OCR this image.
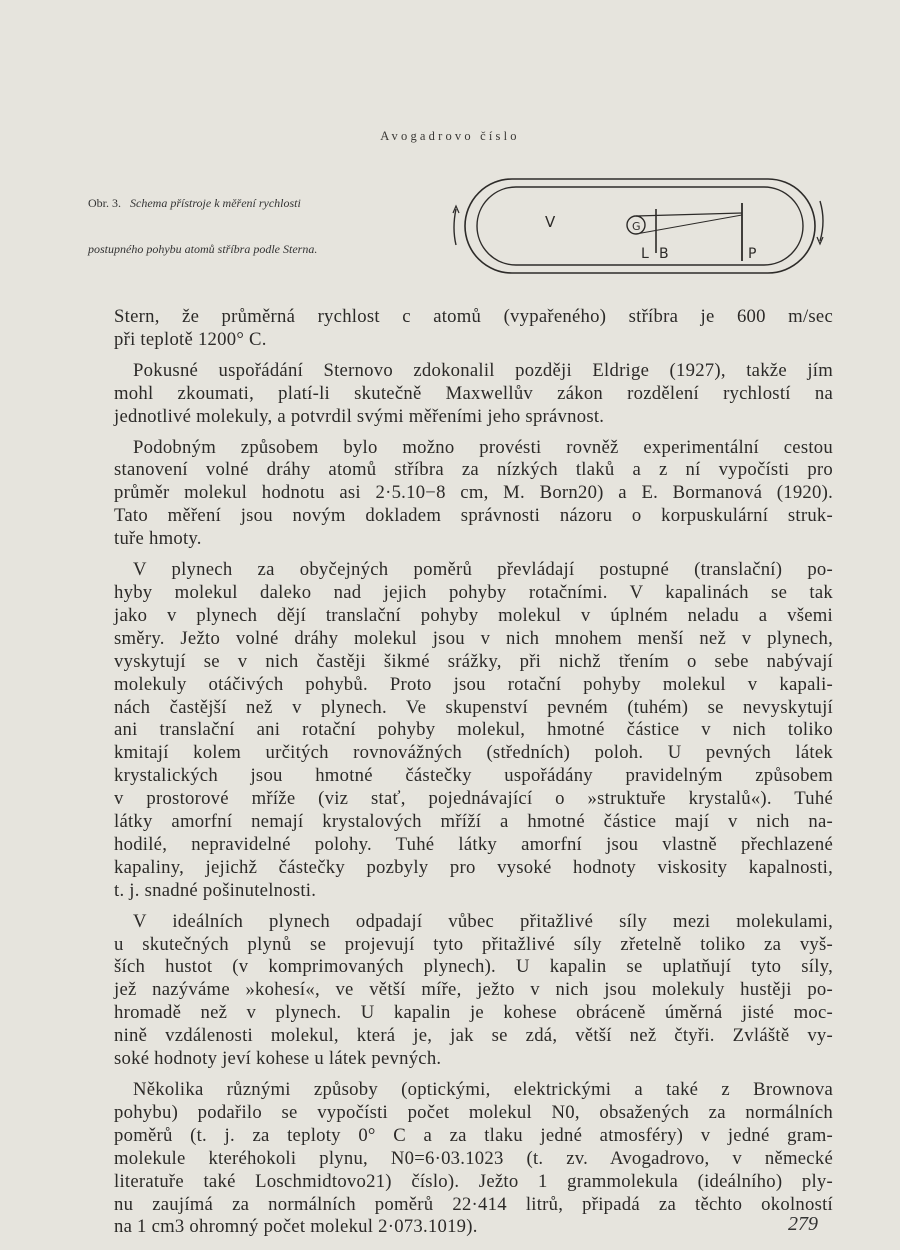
Avogadrovo číslo
Obr. 3. Schema přístroje k měření rychlosti
postupného pohybu atomů stříbra podle Sterna.
V	G
L B	P

Stern, že průměrná rychlost c atomů (vypařeného) stříbra je 600 m/sec
při teplotě 1200° C.

Pokusné uspořádání Sternovo zdokonalil později Eldrige (1927), takže jím
mohl zkoumati, platí-li skutečně Maxwellův zákon rozdělení rychlostí na
jednotlivé molekuly, a potvrdil svými měřeními jeho správnost.

Podobným způsobem bylo možno provésti rovněž experimentální cestou
stanovení volné dráhy atomů stříbra za nízkých tlaků a z ní vypočísti pro
průměr molekul hodnotu asi 2·5.10−8 cm, M. Born20) a E. Bormanová (1920).
Tato měření jsou novým dokladem správnosti názoru o korpuskulární struk-
tuře hmoty.

V plynech za obyčejných poměrů převládají postupné (translační) po-
hyby molekul daleko nad jejich pohyby rotačními. V kapalinách se tak
jako v plynech dějí translační pohyby molekul v úplném neladu a všemi
směry. Ježto volné dráhy molekul jsou v nich mnohem menší než v plynech,
vyskytují se v nich častěji šikmé srážky, při nichž třením o sebe nabývají
molekuly otáčivých pohybů. Proto jsou rotační pohyby molekul v kapali-
nách častější než v plynech. Ve skupenství pevném (tuhém) se nevyskytují
ani translační ani rotační pohyby molekul, hmotné částice v nich toliko
kmitají kolem určitých rovnovážných (středních) poloh. U pevných látek
krystalických jsou hmotné částečky uspořádány pravidelným způsobem
v prostorové mříže (viz stať, pojednávající o »struktuře krystalů«). Tuhé
látky amorfní nemají krystalových mříží a hmotné částice mají v nich na-
hodilé, nepravidelné polohy. Tuhé látky amorfní jsou vlastně přechlazené
kapaliny, jejichž částečky pozbyly pro vysoké hodnoty viskosity kapalnosti,
t. j. snadné pošinutelnosti.

V ideálních plynech odpadají vůbec přitažlivé síly mezi molekulami,
u skutečných plynů se projevují tyto přitažlivé síly zřetelně toliko za vyš-
ších hustot (v komprimovaných plynech). U kapalin se uplatňují tyto síly,
jež nazýváme »kohesí«, ve větší míře, ježto v nich jsou molekuly hustěji po-
hromadě než v plynech. U kapalin je kohese obráceně úměrná jisté moc-
nině vzdálenosti molekul, která je, jak se zdá, větší než čtyři. Zvláště vy-
soké hodnoty jeví kohese u látek pevných.

Několika různými způsoby (optickými, elektrickými a také z Brownova
pohybu) podařilo se vypočísti počet molekul N0, obsažených za normálních
poměrů (t. j. za teploty 0° C a za tlaku jedné atmosféry) v jedné gram-
molekule kteréhokoli plynu, N0=6·03.1023 (t. zv. Avogadrovo, v německé
literatuře také Loschmidtovo21) číslo). Ježto 1 grammolekula (ideálního) ply-
nu zaujímá za normálních poměrů 22·414 litrů, připadá za těchto okolností
na 1 cm3 ohromný počet molekul 2·073.1019).	279
